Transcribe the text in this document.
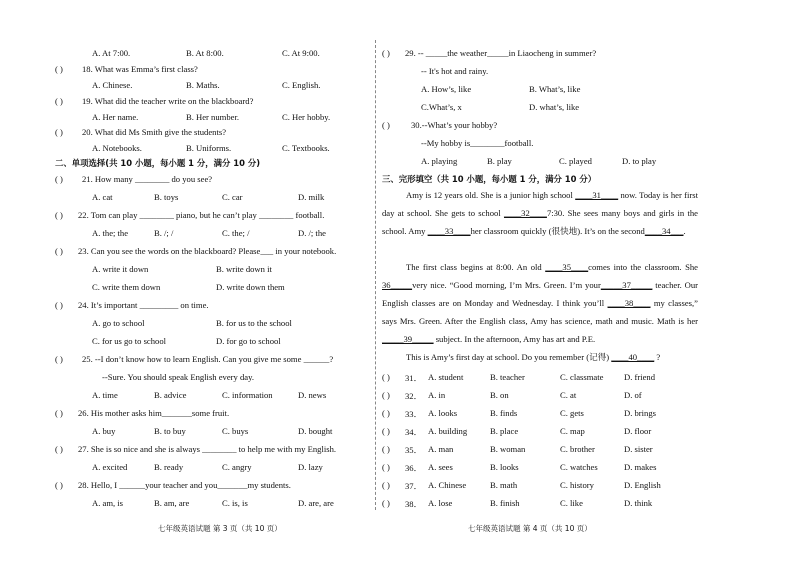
A. At 7:00.	B. At 8:00.	C. At 9:00.
( ) 18. What was Emma’s first class?
A. Chinese.	B. Maths.	C. English.
( ) 19. What did the teacher write on the blackboard?
A. Her name.	B. Her number.	C. Her hobby.
( ) 20. What did Ms Smith give the students?
A. Notebooks.	B. Uniforms.	C. Textbooks.
二、单项选择(共 10 小题，每小题 1 分，满分 10 分)
( ) 21. How many ________ do you see?
A. cat	B. toys	C. car	D. milk
( ) 22. Tom can play ________ piano, but he can’t play ________ football.
A. the; the	B. /; /	C. the; /	D. /; the
( ) 23. Can you see the words on the blackboard? Please___ in your notebook.
A. write it down	B. write down it
C. write them down	D. write down them
( ) 24. It’s important _________ on time.
A. go to school	B. for us to the school
C. for us go to school	D. for go to school
( ) 25. --I don’t know how to learn English. Can you give me some ______?
--Sure. You should speak English every day.
A. time	B. advice	C. information	D. news
( ) 26. His mother asks him_______some fruit.
A. buy	B. to buy	C. buys	D. bought
( ) 27. She is so nice and she is always ________ to help me with my English.
A. excited	B. ready	C. angry	D. lazy
( ) 28. Hello, I ______your teacher and you_______my students.
A. am, is	B. am, are	C. is, is	D. are, are
七年级英语试题 第 3 页（共 10 页）
( ) 29. -- _____the weather_____in Liaocheng in summer?
-- It's hot and rainy.
A. How’s, like	B. What’s, like
C.What’s, x	D. what’s, like
( ) 30.--What’s your hobby?
--My hobby is________football.
A. playing	B. play	C. played	D. to play
三、完形填空（共 10 小题，每小题 1 分，满分 10 分）
Amy is 12 years old. She is a junior high school ____31____ now. Today is her first day at school. She gets to school ____32____7:30. She sees many boys and girls in the school. Amy ____33____her classroom quickly (很快地). It’s on the second____34___.
The first class begins at 8:00. An old ____35____comes into the classroom. She 36_____very nice. “Good morning, I’m Mrs. Green. I’m your_____37_____ teacher. Our English classes are on Monday and Wednesday. I think you’ll ____38____ my classes,” says Mrs. Green. After the English class, Amy has science, math and music. Math is her _____39_____ subject. In the afternoon, Amy has art and P.E.
This is Amy’s first day at school. Do you remember (记得) ____40____ ?
( ) 31． A. student	B. teacher	C. classmate D. friend
( ) 32． A. in	B. on	C. at	D. of
( ) 33． A. looks	B. finds	C. gets	D. brings
( ) 34． A. building	B. place	C. map	D. floor
( ) 35． A. man	B. woman	C. brother	D. sister
( ) 36． A. sees	B. looks	C. watches	D. makes
( ) 37． A. Chinese	B. math	C. history	D. English
( ) 38． A. lose	B. finish	C. like	D. think
七年级英语试题 第 4 页（共 10 页）
